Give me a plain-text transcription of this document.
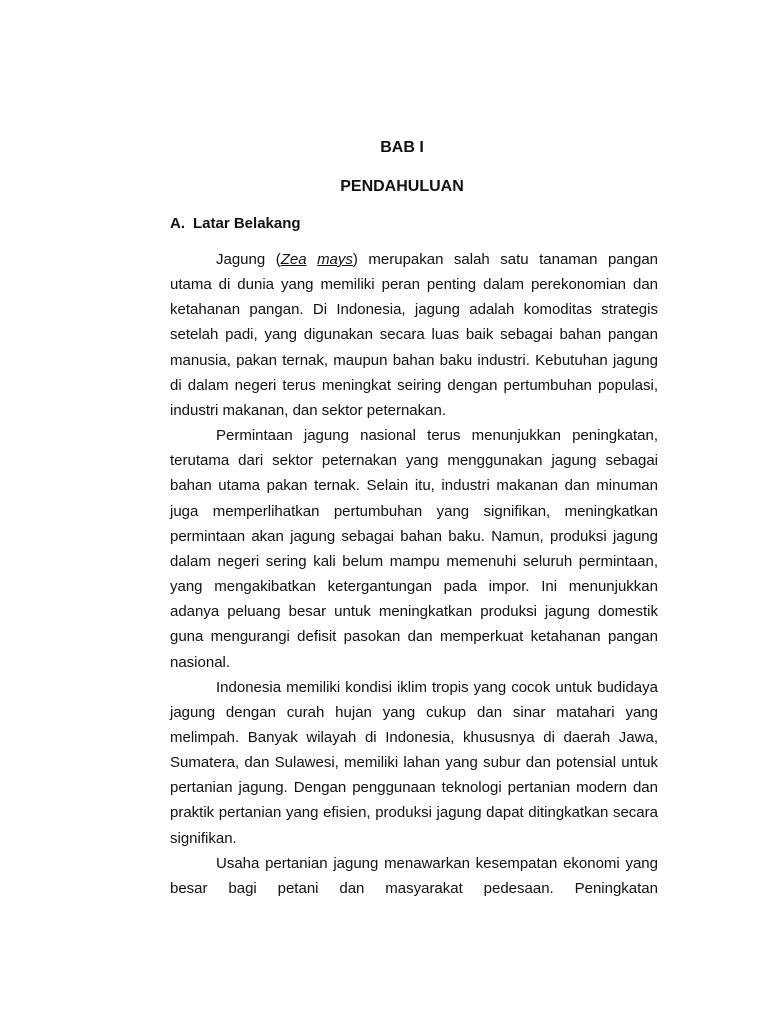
BAB I
PENDAHULUAN
A. Latar Belakang

Jagung (Zea mays) merupakan salah satu tanaman pangan utama di dunia yang memiliki peran penting dalam perekonomian dan ketahanan pangan. Di Indonesia, jagung adalah komoditas strategis setelah padi, yang digunakan secara luas baik sebagai bahan pangan manusia, pakan ternak, maupun bahan baku industri. Kebutuhan jagung di dalam negeri terus meningkat seiring dengan pertumbuhan populasi, industri makanan, dan sektor peternakan.

Permintaan jagung nasional terus menunjukkan peningkatan, terutama dari sektor peternakan yang menggunakan jagung sebagai bahan utama pakan ternak. Selain itu, industri makanan dan minuman juga memperlihatkan pertumbuhan yang signifikan, meningkatkan permintaan akan jagung sebagai bahan baku. Namun, produksi jagung dalam negeri sering kali belum mampu memenuhi seluruh permintaan, yang mengakibatkan ketergantungan pada impor. Ini menunjukkan adanya peluang besar untuk meningkatkan produksi jagung domestik guna mengurangi defisit pasokan dan memperkuat ketahanan pangan nasional.

Indonesia memiliki kondisi iklim tropis yang cocok untuk budidaya jagung dengan curah hujan yang cukup dan sinar matahari yang melimpah. Banyak wilayah di Indonesia, khususnya di daerah Jawa, Sumatera, dan Sulawesi, memiliki lahan yang subur dan potensial untuk pertanian jagung. Dengan penggunaan teknologi pertanian modern dan praktik pertanian yang efisien, produksi jagung dapat ditingkatkan secara signifikan.

Usaha pertanian jagung menawarkan kesempatan ekonomi yang besar bagi petani dan masyarakat pedesaan. Peningkatan
